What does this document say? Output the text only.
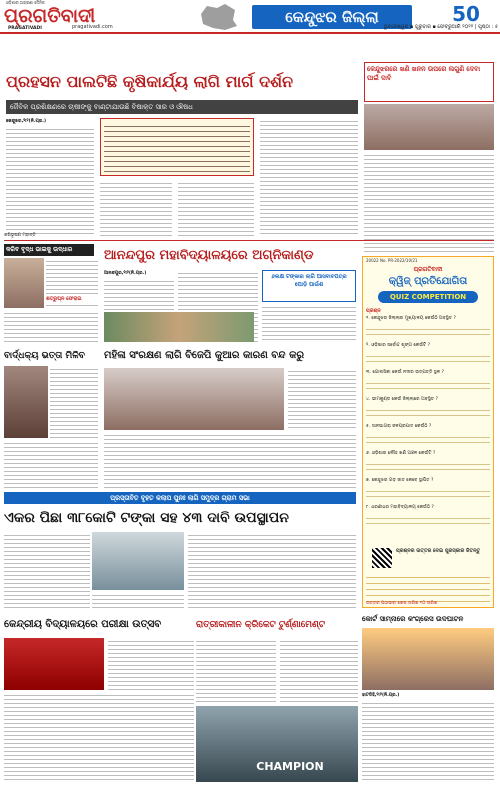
ଓଡ଼ିଶାର ଅଗ୍ରଣୀ ଦୈନିକ
ପ୍ରଗତିବାଦୀ
PRAGATIVADI	pragativadi.com
କେନ୍ଦୁଝର ଜିଲ୍ଲା	50
ଭୁବନେଶ୍ୱର ▪ ଗୁରୁବାର ▪ ଫେବ୍ରୁଆରି ୨୦୨୨ | ପୃଷ୍ଠା : ୫
ପ୍ରହସନ ପାଲଟିଛି କୃଷିକାର୍ଯ୍ୟ ଲାଗି ମାର୍ଗ ଦର୍ଶନ
ଜୈବିକ ପ୍ରଶିକ୍ଷଣରେ ଚାଷୀଙ୍କୁ ବାଣ୍ଟାଯାଉଛି ବିଷାକ୍ତ ସାର ଓ ଔଷଧ
କେନ୍ଦୁଝର,୨ା୨(ନି.ପ୍ର.)
କେନ୍ଦୁଝରରେ ଖଣି ଖନନ ଉପରେ ଲଗୁଣି ଦେବା ପାଇଁ ଦାବି
କରିବ ବୃଦ୍ଧ ଭାଇକୁ ଉଦ୍ଧାର
ଶତ୍ରୁଘ୍ନ ଫେରାଇ
ବାର୍ଦ୍ଧକ୍ୟ ଭତ୍ତା ମିଳିବ
ଆନନ୍ଦପୁର ମହାବିଦ୍ୟାଳୟରେ ଅଗ୍ନିକାଣ୍ଡ
ଆନନ୍ଦପୁର,୨ା୨(ନି.ପ୍ର.)
୬ଲକ୍ଷ ଟଙ୍କାର ଲାଗି ଆସବାବପତ୍ର ପୋଡ଼ି ପାଉଁଶ
ମହିଳା ସଂରକ୍ଷଣ ଲାଗି ବିଜେପି କୁଆର କାରଣ ବନ୍ଦ କରୁ
20022 No. PR-2022/10/21
ପ୍ରଗତିବାଦୀ
କ୍ୱିଜ୍ ପ୍ରତିଯୋଗିତା
QUIZ COMPETITION
ପ୍ରଶ୍ନ
୧. କେନ୍ଦୁଝର ଜିଲ୍ଲାର ମୁଖ୍ୟାଳୟ କେଉଁଠି ଅବସ୍ଥିତ ?
୨. ଓଡ଼ିଶାର ସର୍ବୋଚ୍ଚ ଶୃଙ୍ଗ କେଉଁଟି ?
୩. ଗୋନାସିକା କେଉଁ ନଦୀର ଉତ୍ପତ୍ତି ସ୍ଥଳ ?
୪. ଭୀମକୁଣ୍ଡ କେଉଁ ଜିଲ୍ଲାରେ ଅବସ୍ଥିତ ?
୫. ସାନଘାଗରା ଜଳପ୍ରପାତ କେଉଁଠି ?
୬. ଓଡ଼ିଶାର ଲୌହ ଖଣି ଅଞ୍ଚଳ କେଉଁଟି ?
୭. କେନ୍ଦୁଝର ଗଡ଼ ଜାତ କେବେ ସ୍ଥାପିତ ?
୮. ଧରଣୀଧର ମହାବିଦ୍ୟାଳୟ କେଉଁଠି ?
ପ୍ରଶ୍ନର ଉତ୍ତର ଦେଇ ପୁରସ୍କାର ଜିତନ୍ତୁ
ଉତ୍ତର ପଠାଇବା ଶେଷ ତାରିଖ ୧୦ ତାରିଖ
ପ୍ରସ୍ତାବିତ ବୃହତ କଲାପ ପୁନଃ ଲାଗି ସମୁଦ୍ର ଗ୍ରାମ ସଭା
ଏକର ପିଛା ୩୮କୋଟି ଟଙ୍କା ସହ ୪୩ ଦାବି ଉପସ୍ଥାପନ
କୋର୍ଟ ସାମ୍ନାରେ କଂଗ୍ରେସ ଉଦଘାଟନ
ହାଟଡିହି,୨ା୨(ନି.ପ୍ର.)
କେନ୍ଦ୍ରୀୟ ବିଦ୍ୟାଳୟରେ ପରୀକ୍ଷା ଉତ୍ସବ	ରାତ୍ରୀକାଳୀନ କ୍ରିକେଟ ଟୁର୍ଣ୍ଣାମେଣ୍ଟ
CHAMPION
ଶଶିଭୂଷଣ ମହାନ୍ତି
